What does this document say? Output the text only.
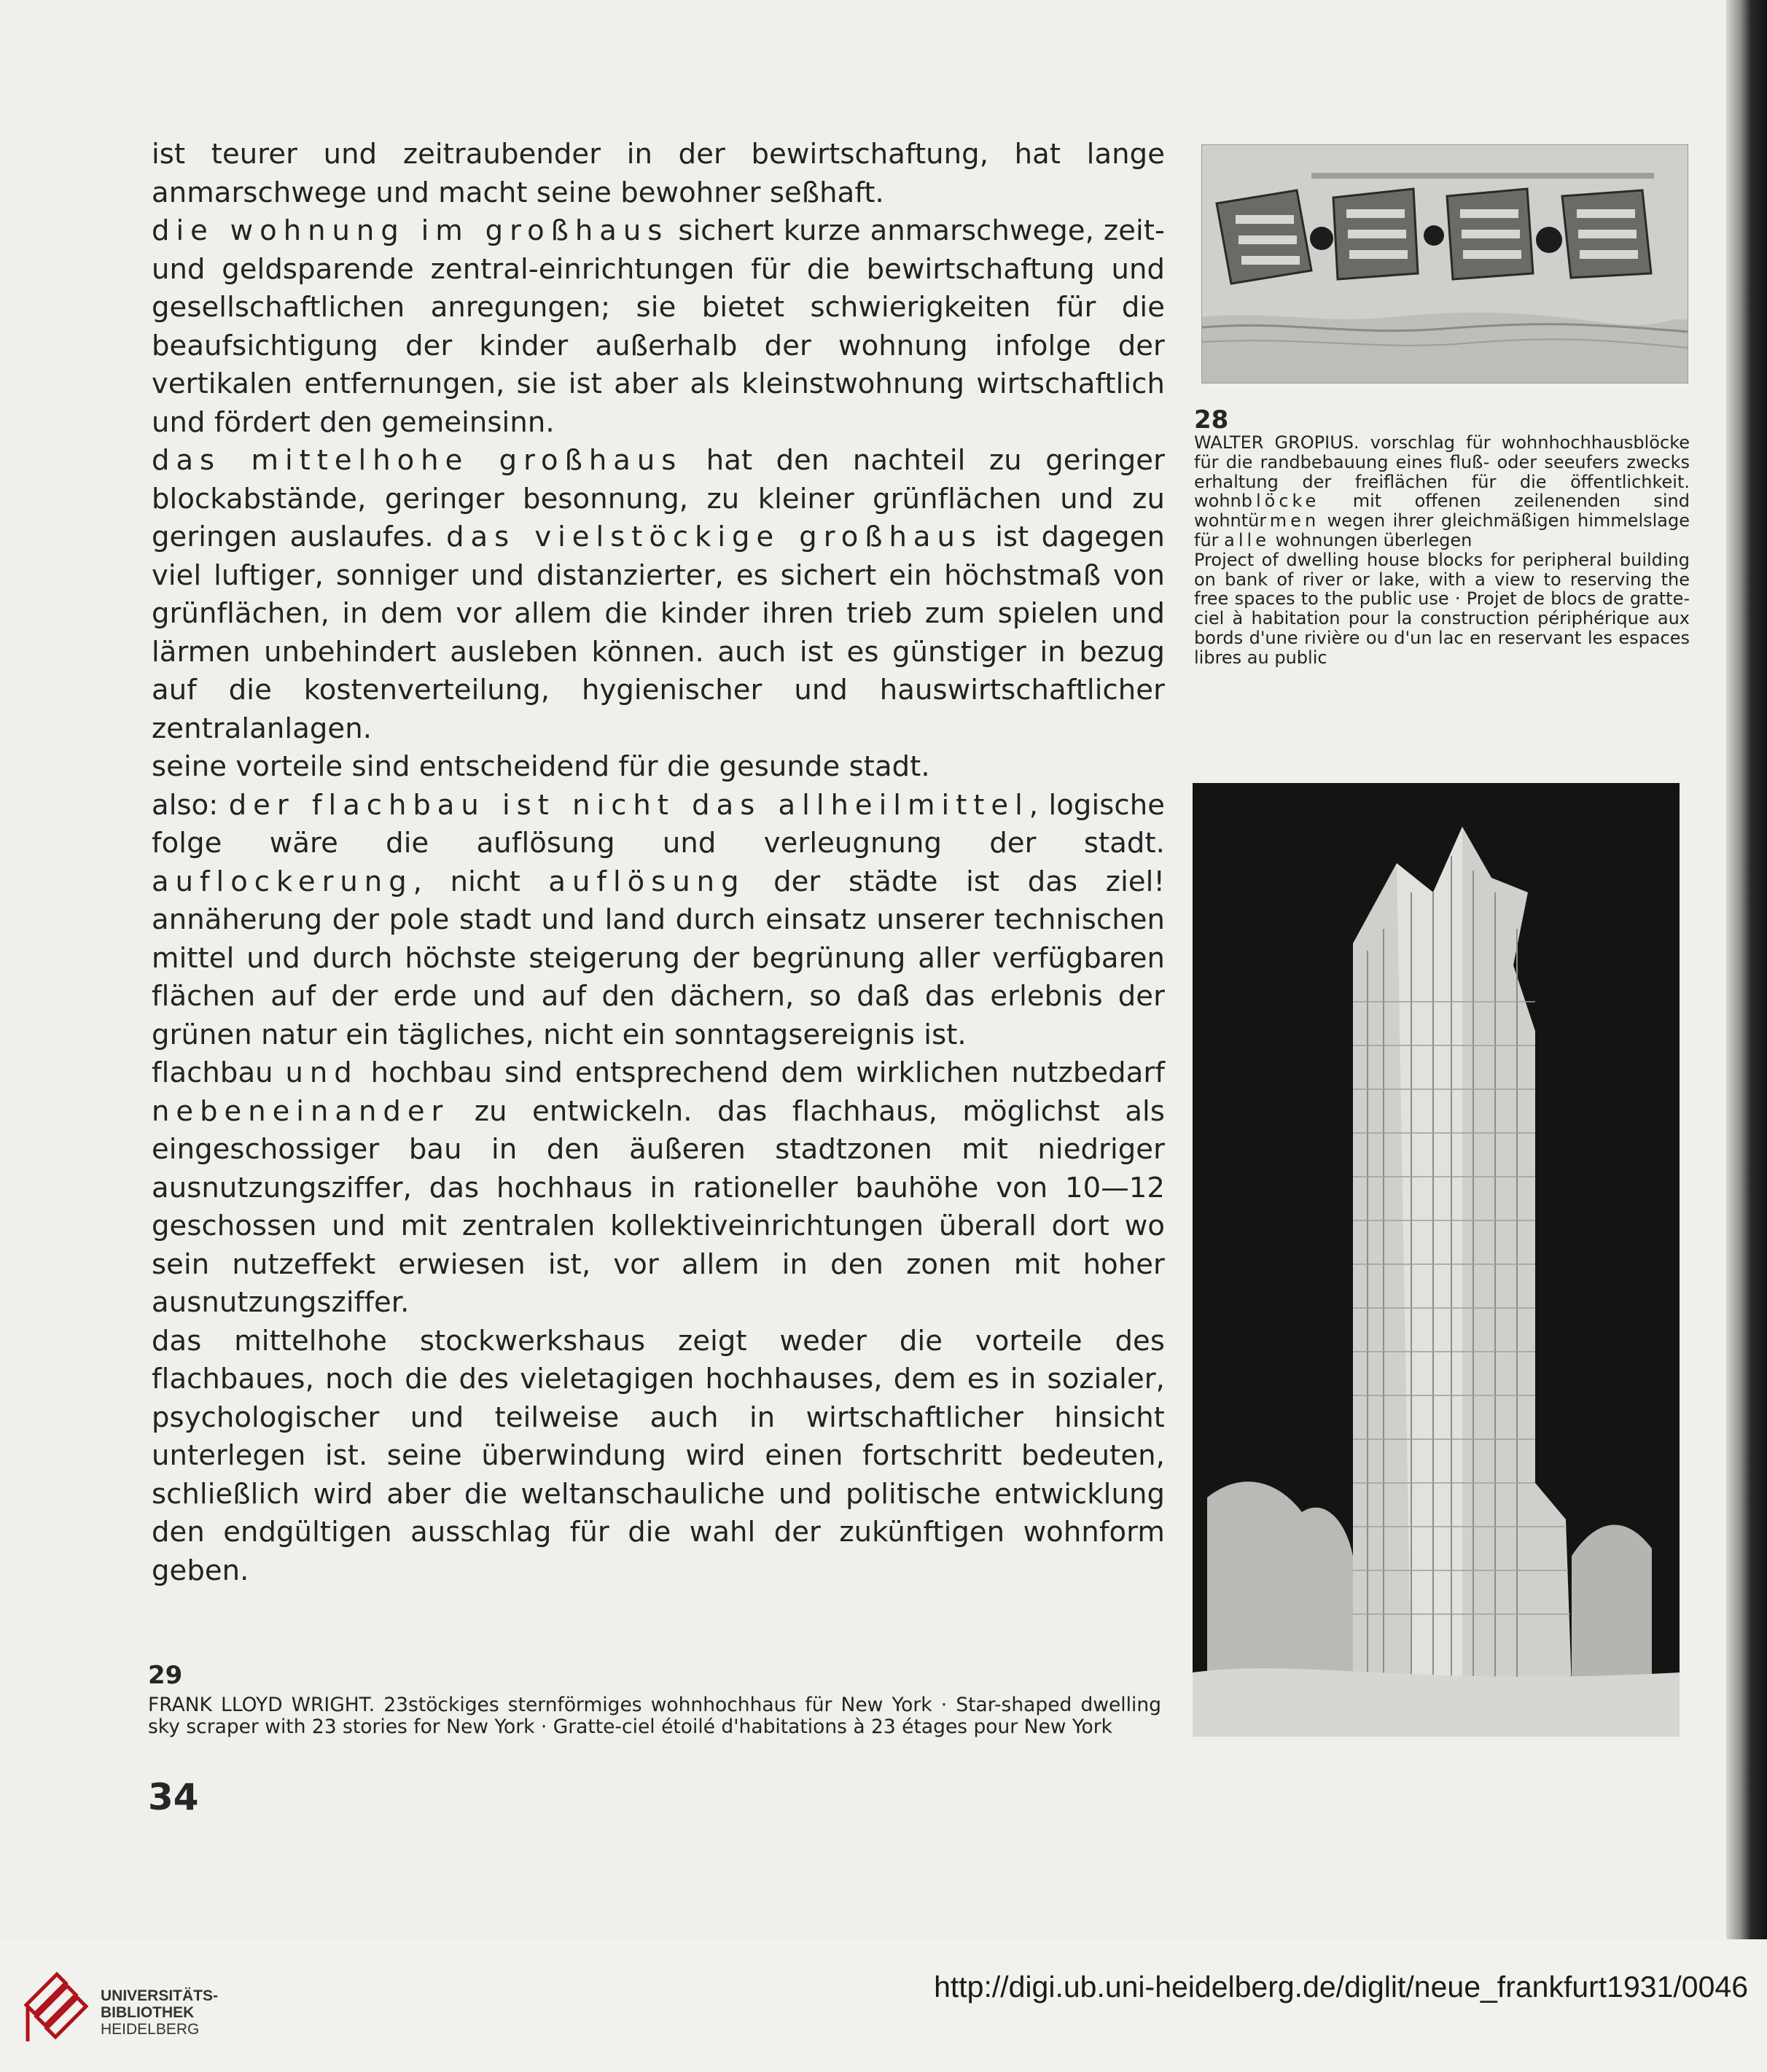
ist teurer und zeitraubender in der bewirtschaftung, hat lange anmarschwege und macht seine bewohner seßhaft.

die wohnung im großhaus sichert kurze anmarschwege, zeit- und geldsparende zentral-einrichtungen für die bewirtschaftung und gesellschaftlichen anregungen; sie bietet schwierigkeiten für die beaufsichtigung der kinder außerhalb der wohnung infolge der vertikalen entfernungen, sie ist aber als kleinstwohnung wirtschaftlich und fördert den gemeinsinn.

das mittelhohe großhaus hat den nachteil zu geringer blockabstände, geringer besonnung, zu kleiner grünflächen und zu geringen auslaufes. das vielstöckige großhaus ist dagegen viel luftiger, sonniger und distanzierter, es sichert ein höchstmaß von grünflächen, in dem vor allem die kinder ihren trieb zum spielen und lärmen unbehindert ausleben können. auch ist es günstiger in bezug auf die kostenverteilung, hygienischer und hauswirtschaftlicher zentralanlagen.

seine vorteile sind entscheidend für die gesunde stadt.

also: der flachbau ist nicht das allheilmittel, logische folge wäre die auflösung und verleugnung der stadt. auflockerung, nicht auflösung der städte ist das ziel! annäherung der pole stadt und land durch einsatz unserer technischen mittel und durch höchste steigerung der begrünung aller verfügbaren flächen auf der erde und auf den dächern, so daß das erlebnis der grünen natur ein tägliches, nicht ein sonntagsereignis ist.

flachbau und hochbau sind entsprechend dem wirklichen nutzbedarf nebeneinander zu entwickeln. das flachhaus, möglichst als eingeschossiger bau in den äußeren stadtzonen mit niedriger ausnutzungsziffer, das hochhaus in rationeller bauhöhe von 10—12 geschossen und mit zentralen kollektiveinrichtungen überall dort wo sein nutzeffekt erwiesen ist, vor allem in den zonen mit hoher ausnutzungsziffer.

das mittelhohe stockwerkshaus zeigt weder die vorteile des flachbaues, noch die des vieletagigen hochhauses, dem es in sozialer, psychologischer und teilweise auch in wirtschaftlicher hinsicht unterlegen ist. seine überwindung wird einen fortschritt bedeuten, schließlich wird aber die weltanschauliche und politische entwicklung den endgültigen ausschlag für die wahl der zukünftigen wohnform geben.

28

WALTER GROPIUS. vorschlag für wohnhochhausblöcke für die randbebauung eines fluß- oder seeufers zwecks erhaltung der freiflächen für die öffentlichkeit. wohnblöcke mit offenen zeilenenden sind wohntürmen wegen ihrer gleichmäßigen himmelslage für alle wohnungen überlegen

Project of dwelling house blocks for peripheral building on bank of river or lake, with a view to reserving the free spaces to the public use · Projet de blocs de gratte-ciel à habitation pour la construction périphérique aux bords d'une rivière ou d'un lac en reservant les espaces libres au public

29

FRANK LLOYD WRIGHT. 23stöckiges sternförmiges wohnhochhaus für New York · Star-shaped dwelling sky scraper with 23 stories for New York · Gratte-ciel étoilé d'habitations à 23 étages pour New York

34

UNIVERSITÄTS-
BIBLIOTHEK
HEIDELBERG

http://digi.ub.uni-heidelberg.de/diglit/neue_frankfurt1931/0046
